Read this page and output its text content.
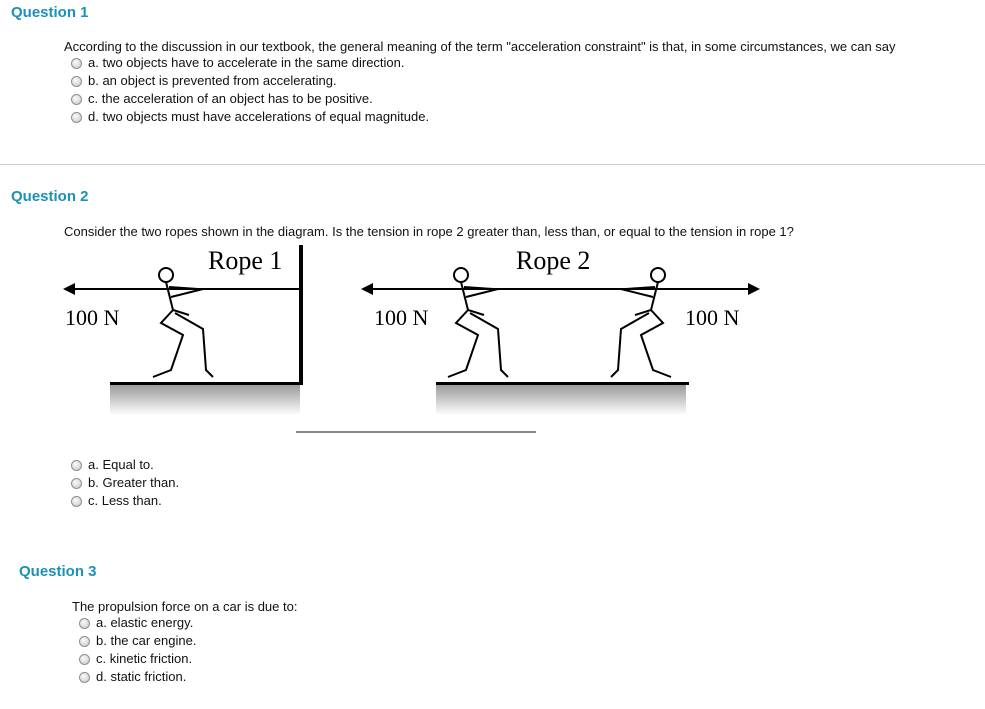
Question 1

According to the discussion in our textbook, the general meaning of the term "acceleration constraint" is that, in some circumstances, we can say

a. two objects have to accelerate in the same direction.
b. an object is prevented from accelerating.
c. the acceleration of an object has to be positive.
d. two objects must have accelerations of equal magnitude.
Question 2

Consider the two ropes shown in the diagram. Is the tension in rope 2 greater than, less than, or equal to the tension in rope 1?

Rope 1
100 N
Rope 2
100 N	100 N
a. Equal to.
b. Greater than.
c. Less than.
Question 3

The propulsion force on a car is due to:

a. elastic energy.
b. the car engine.
c. kinetic friction.
d. static friction.
